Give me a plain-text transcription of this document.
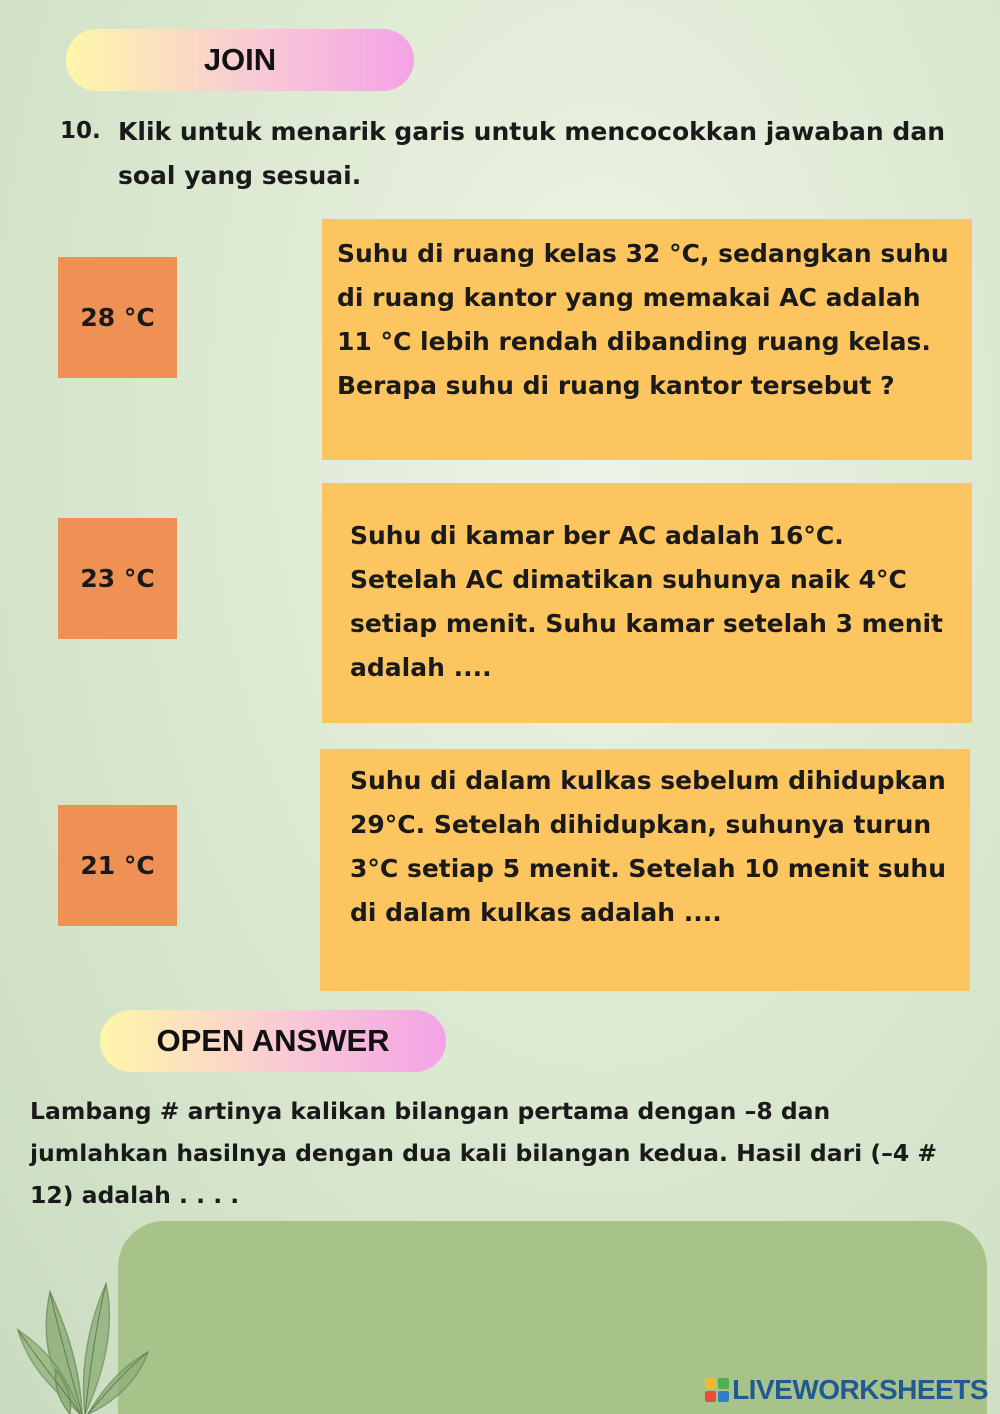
JOIN
10. Klik untuk menarik garis untuk mencocokkan jawaban dan soal yang sesuai.
28 °C
23 °C
21 °C
Suhu di ruang kelas 32 °C, sedangkan suhu di ruang kantor yang memakai AC adalah 11 °C lebih rendah dibanding ruang kelas. Berapa suhu di ruang kantor tersebut ?
Suhu di kamar ber AC adalah 16°C. Setelah AC dimatikan suhunya naik 4°C setiap menit. Suhu kamar setelah 3 menit adalah ....
Suhu di dalam kulkas sebelum dihidupkan 29°C. Setelah dihidupkan, suhunya turun 3°C setiap 5 menit. Setelah 10 menit suhu di dalam kulkas adalah ....
OPEN ANSWER
Lambang # artinya kalikan bilangan pertama dengan –8 dan jumlahkan hasilnya dengan dua kali bilangan kedua. Hasil dari (–4 # 12) adalah . . . .
LIVEWORKSHEETS
